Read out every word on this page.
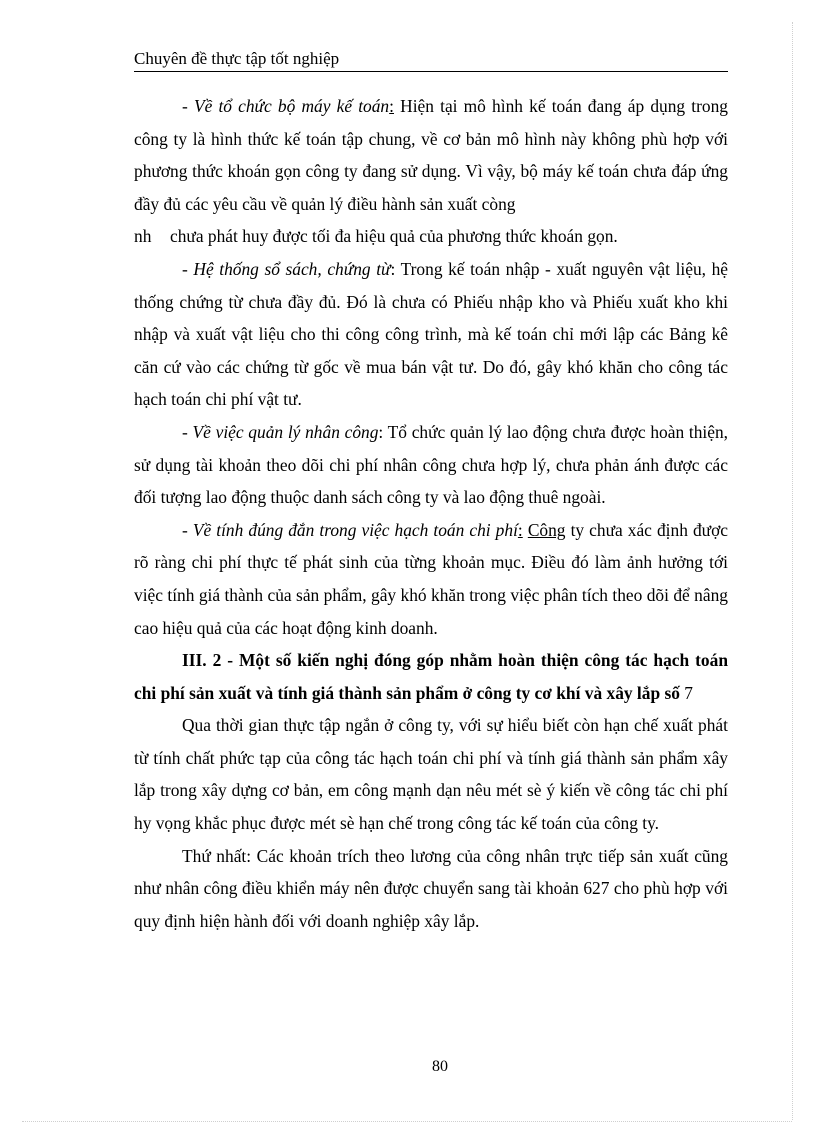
Chuyên đề thực tập tốt nghiệp

- Về tổ chức bộ máy kế toán: Hiện tại mô hình kế toán đang áp dụng trong công ty là hình thức kế toán tập chung, về cơ bản mô hình này không phù hợp với phương thức khoán gọn công ty đang sử dụng. Vì vậy, bộ máy kế toán chưa đáp ứng đầy đủ các yêu cầu về quản lý điều hành sản xuất còng

nh chưa phát huy được tối đa hiệu quả của phương thức khoán gọn.

- Hệ thống sổ sách, chứng từ: Trong kế toán nhập - xuất nguyên vật liệu, hệ thống chứng từ chưa đầy đủ. Đó là chưa có Phiếu nhập kho và Phiếu xuất kho khi nhập và xuất vật liệu cho thi công công trình, mà kế toán chỉ mới lập các Bảng kê căn cứ vào các chứng từ gốc về mua bán vật tư. Do đó, gây khó khăn cho công tác hạch toán chi phí vật tư.

- Về việc quản lý nhân công: Tổ chức quản lý lao động chưa được hoàn thiện, sử dụng tài khoản theo dõi chi phí nhân công chưa hợp lý, chưa phản ánh được các đối tượng lao động thuộc danh sách công ty và lao động thuê ngoài.

- Về tính đúng đắn trong việc hạch toán chi phí: Công ty chưa xác định được rõ ràng chi phí thực tế phát sinh của từng khoản mục. Điều đó làm ảnh hưởng tới việc tính giá thành của sản phẩm, gây khó khăn trong việc phân tích theo dõi để nâng cao hiệu quả của các hoạt động kinh doanh.

III. 2 - Một số kiến nghị đóng góp nhằm hoàn thiện công tác hạch toán chi phí sản xuất và tính giá thành sản phẩm ở công ty cơ khí và xây lắp số 7

Qua thời gian thực tập ngắn ở công ty, với sự hiểu biết còn hạn chế xuất phát từ tính chất phức tạp của công tác hạch toán chi phí và tính giá thành sản phẩm xây lắp trong xây dựng cơ bản, em công mạnh dạn nêu mét sè ý kiến về công tác chi phí hy vọng khắc phục được mét sè hạn chế trong công tác kế toán của công ty.

Thứ nhất: Các khoản trích theo lương của công nhân trực tiếp sản xuất cũng như nhân công điều khiển máy nên được chuyển sang tài khoản 627 cho phù hợp với quy định hiện hành đối với doanh nghiệp xây lắp.

80
